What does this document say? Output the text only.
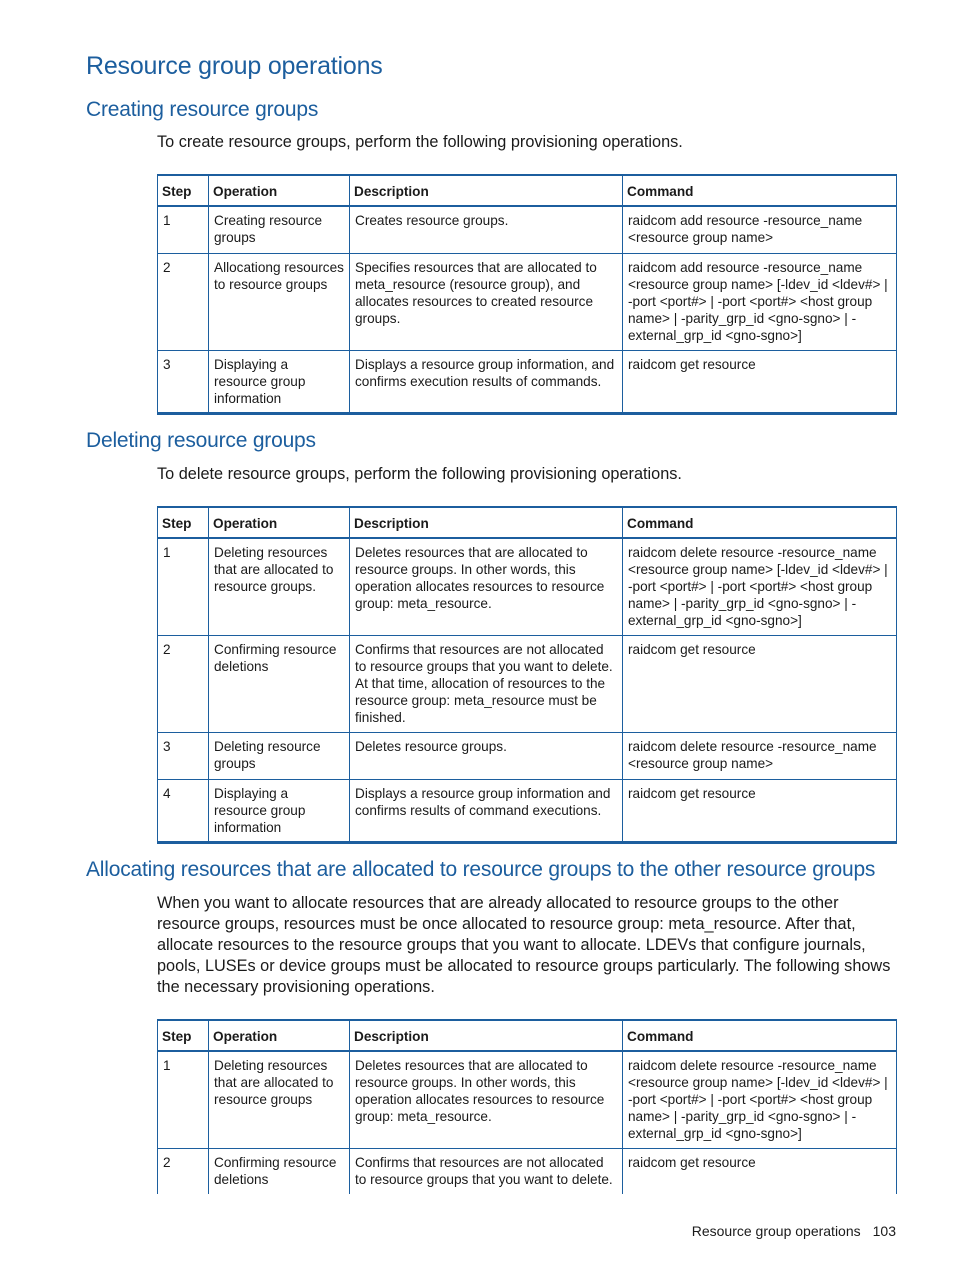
Resource group operations
Creating resource groups

To create resource groups, perform the following provisioning operations.

Step	Operation	Description	Command
1	Creating resource groups	Creates resource groups.	raidcom add resource -resource_name <resource group name>
2	Allocationg resources to resource groups	Specifies resources that are allocated to meta_resource (resource group), and allocates resources to created resource groups.	raidcom add resource -resource_name <resource group name> [-ldev_id <ldev#> | -port <port#> | -port <port#> <host group name> | -parity_grp_id <gno-sgno> | -external_grp_id <gno-sgno>]
3	Displaying a resource group information	Displays a resource group information, and confirms execution results of commands.	raidcom get resource
Deleting resource groups

To delete resource groups, perform the following provisioning operations.

Step	Operation	Description	Command
1	Deleting resources that are allocated to resource groups.	Deletes resources that are allocated to resource groups. In other words, this operation allocates resources to resource group: meta_resource.	raidcom delete resource -resource_name <resource group name> [-ldev_id <ldev#> | -port <port#> | -port <port#> <host group name> | -parity_grp_id <gno-sgno> | -external_grp_id <gno-sgno>]
2	Confirming resource deletions	Confirms that resources are not allocated to resource groups that you want to delete. At that time, allocation of resources to the resource group: meta_resource must be finished.	raidcom get resource
3	Deleting resource groups	Deletes resource groups.	raidcom delete resource -resource_name <resource group name>
4	Displaying a resource group information	Displays a resource group information and confirms results of command executions.	raidcom get resource
Allocating resources that are allocated to resource groups to the other resource groups

When you want to allocate resources that are already allocated to resource groups to the other resource groups, resources must be once allocated to resource group: meta_resource. After that, allocate resources to the resource groups that you want to allocate. LDEVs that configure journals, pools, LUSEs or device groups must be allocated to resource groups particularly. The following shows the necessary provisioning operations.

Step	Operation	Description	Command
1	Deleting resources that are allocated to resource groups	Deletes resources that are allocated to resource groups. In other words, this operation allocates resources to resource group: meta_resource.	raidcom delete resource -resource_name <resource group name> [-ldev_id <ldev#> | -port <port#> | -port <port#> <host group name> | -parity_grp_id <gno-sgno> | -external_grp_id <gno-sgno>]
2	Confirming resource deletions	Confirms that resources are not allocated to resource groups that you want to delete.	raidcom get resource
Resource group operations 103
